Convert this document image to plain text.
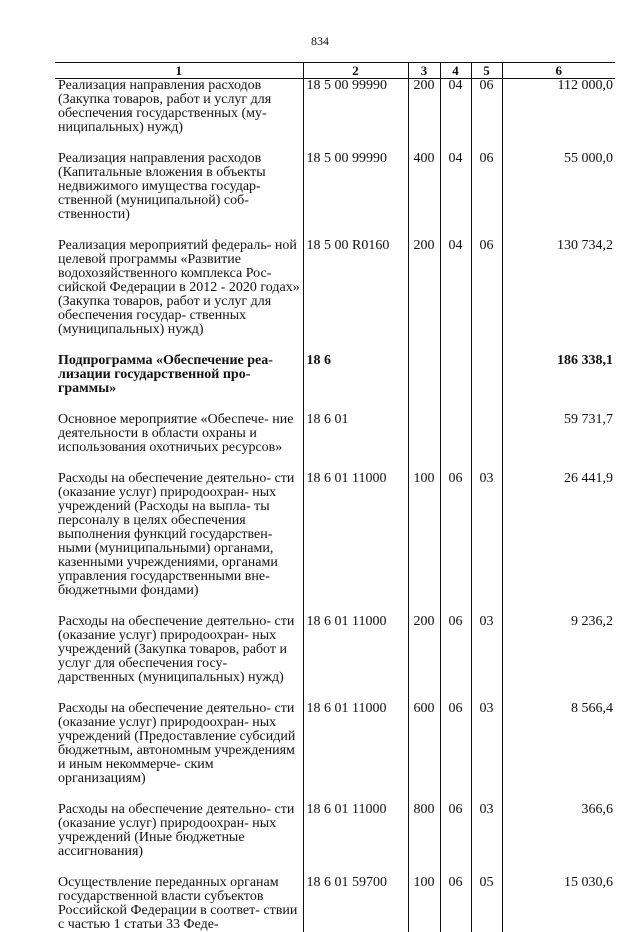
834
1	2	3	4	5	6
Реализация направления расходов (Закупка товаров, работ и услуг для обеспечения государственных (му- ниципальных) нужд)	18 5 00 99990	200	04	06	112 000,0
Реализация направления расходов (Капитальные вложения в объекты недвижимого имущества государ- ственной (муниципальной) соб- ственности)	18 5 00 99990	400	04	06	55 000,0
Реализация мероприятий федераль- ной целевой программы «Развитие водохозяйственного комплекса Рос- сийской Федерации в 2012 - 2020 годах» (Закупка товаров, работ и услуг для обеспечения государ- ственных (муниципальных) нужд)	18 5 00 R0160	200	04	06	130 734,2
Подпрограмма «Обеспечение реа- лизации государственной про- граммы»	18 6				186 338,1
Основное мероприятие «Обеспече- ние деятельности в области охраны и использования охотничьих ресурсов»	18 6 01				59 731,7
Расходы на обеспечение деятельно- сти (оказание услуг) природоохран- ных учреждений (Расходы на выпла- ты персоналу в целях обеспечения выполнения функций государствен- ными (муниципальными) органами, казенными учреждениями, органами управления государственными вне- бюджетными фондами)	18 6 01 11000	100	06	03	26 441,9
Расходы на обеспечение деятельно- сти (оказание услуг) природоохран- ных учреждений (Закупка товаров, работ и услуг для обеспечения госу- дарственных (муниципальных) нужд)	18 6 01 11000	200	06	03	9 236,2
Расходы на обеспечение деятельно- сти (оказание услуг) природоохран- ных учреждений (Предоставление субсидий бюджетным, автономным учреждениям и иным некоммерче- ским организациям)	18 6 01 11000	600	06	03	8 566,4
Расходы на обеспечение деятельно- сти (оказание услуг) природоохран- ных учреждений (Иные бюджетные ассигнования)	18 6 01 11000	800	06	03	366,6
Осуществление переданных органам государственной власти субъектов Российской Федерации в соответ- ствии с частью 1 статьи 33 Феде-	18 6 01 59700	100	06	05	15 030,6
